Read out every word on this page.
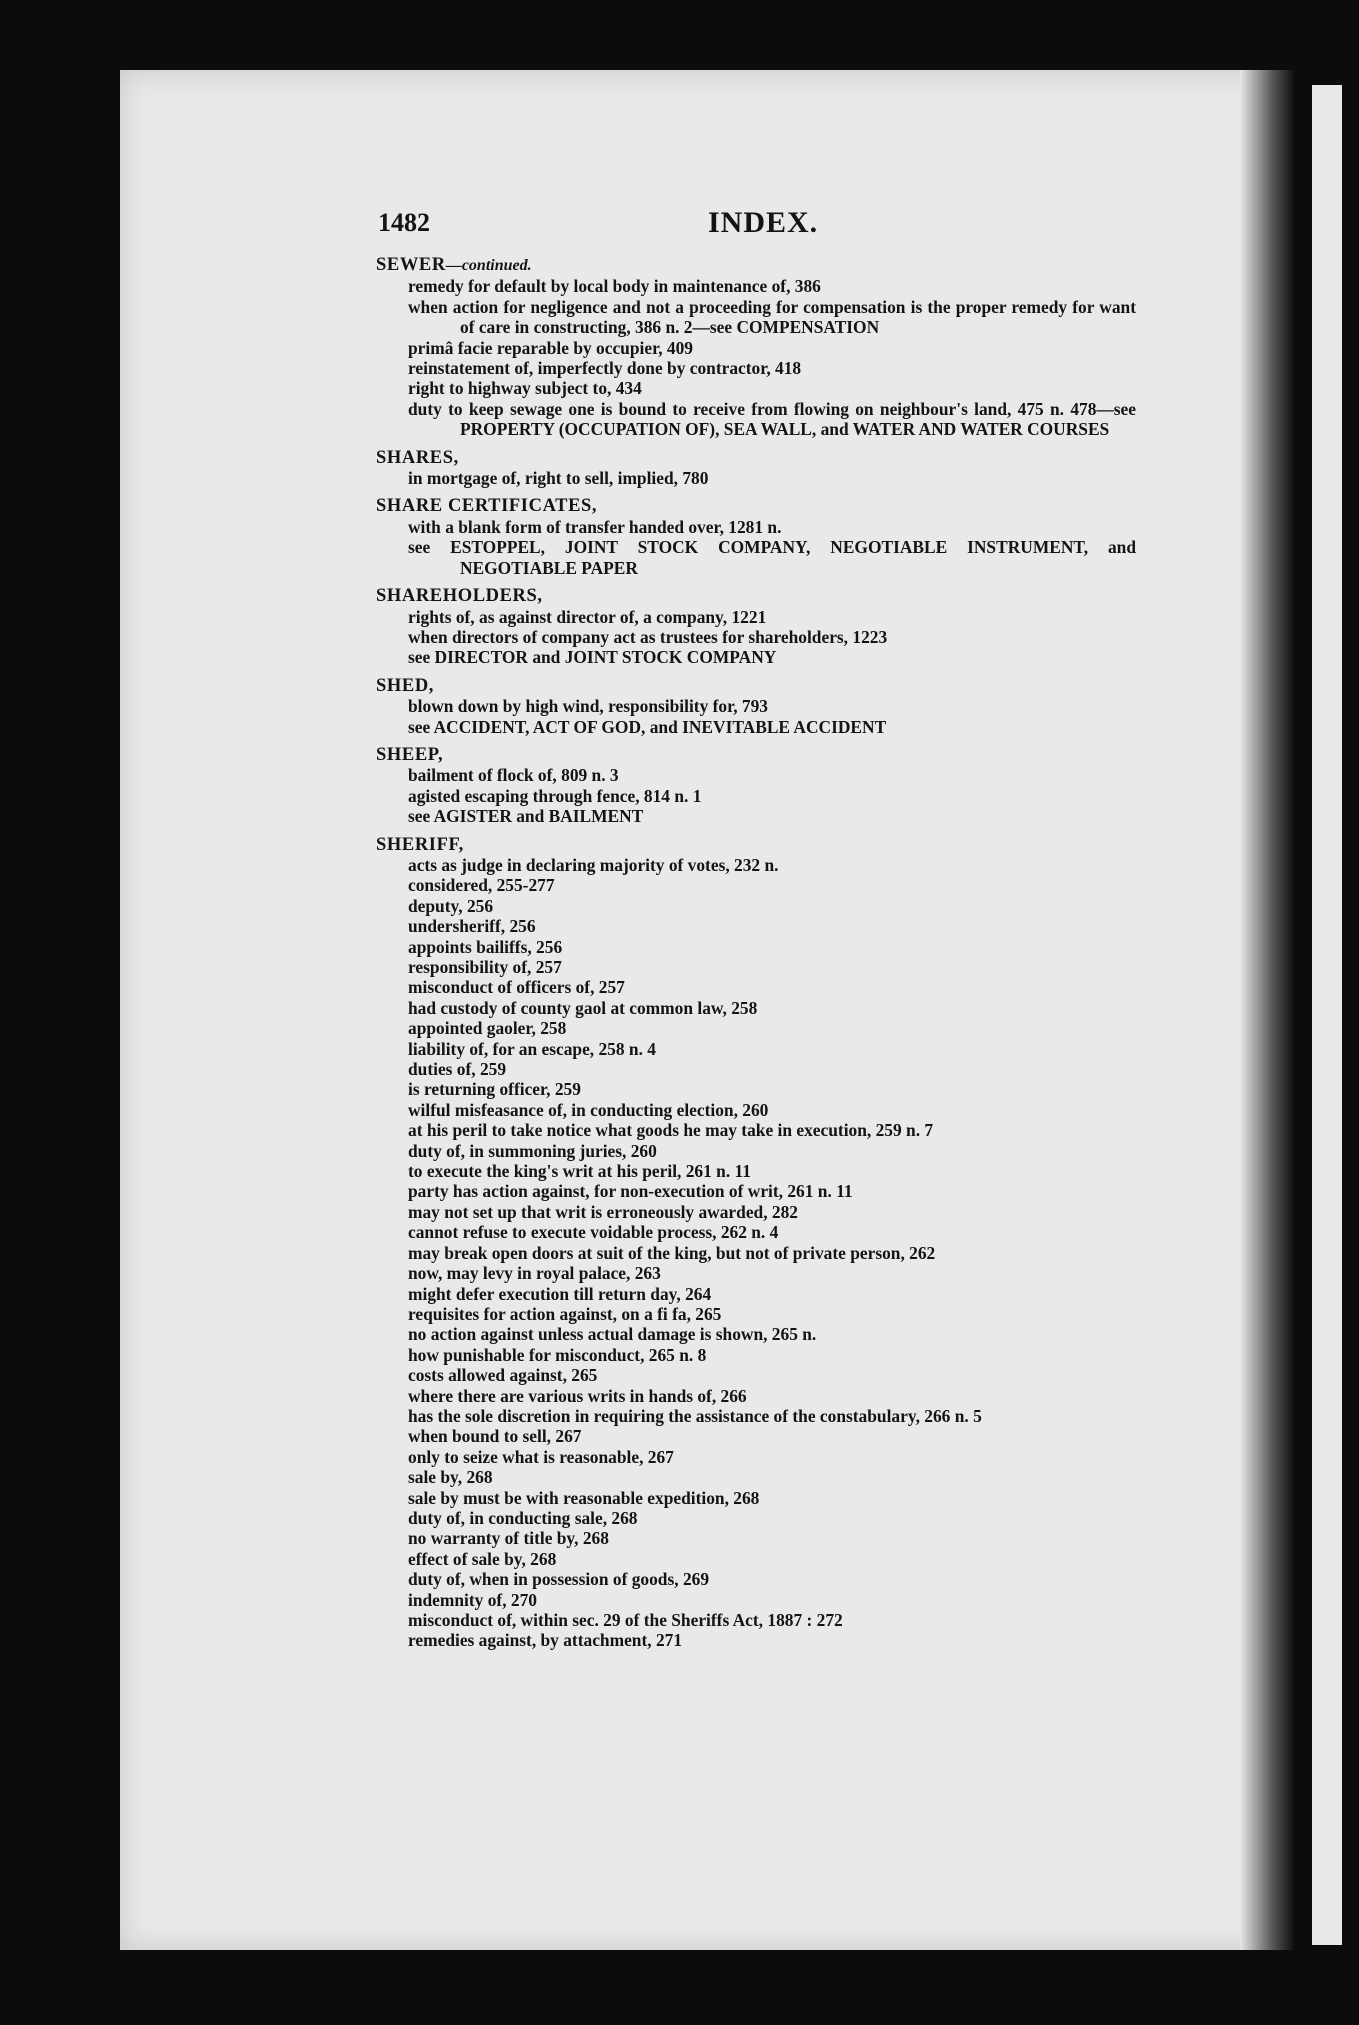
1482	INDEX.
SEWER—continued.
remedy for default by local body in maintenance of, 386
when action for negligence and not a proceeding for compensation is the proper remedy for want of care in constructing, 386 n. 2—see COMPENSATION
primâ facie reparable by occupier, 409
reinstatement of, imperfectly done by contractor, 418
right to highway subject to, 434
duty to keep sewage one is bound to receive from flowing on neighbour's land, 475 n. 478—see PROPERTY (OCCUPATION OF), SEA WALL, and WATER AND WATER COURSES
SHARES,
in mortgage of, right to sell, implied, 780
SHARE CERTIFICATES,
with a blank form of transfer handed over, 1281 n.
see ESTOPPEL, JOINT STOCK COMPANY, NEGOTIABLE INSTRUMENT, and NEGOTIABLE PAPER
SHAREHOLDERS,
rights of, as against director of, a company, 1221
when directors of company act as trustees for shareholders, 1223
see DIRECTOR and JOINT STOCK COMPANY
SHED,
blown down by high wind, responsibility for, 793
see ACCIDENT, ACT OF GOD, and INEVITABLE ACCIDENT
SHEEP,
bailment of flock of, 809 n. 3
agisted escaping through fence, 814 n. 1
see AGISTER and BAILMENT
SHERIFF,
acts as judge in declaring majority of votes, 232 n.
considered, 255-277
deputy, 256
undersheriff, 256
appoints bailiffs, 256
responsibility of, 257
misconduct of officers of, 257
had custody of county gaol at common law, 258
appointed gaoler, 258
liability of, for an escape, 258 n. 4
duties of, 259
is returning officer, 259
wilful misfeasance of, in conducting election, 260
at his peril to take notice what goods he may take in execution, 259 n. 7
duty of, in summoning juries, 260
to execute the king's writ at his peril, 261 n. 11
party has action against, for non-execution of writ, 261 n. 11
may not set up that writ is erroneously awarded, 282
cannot refuse to execute voidable process, 262 n. 4
may break open doors at suit of the king, but not of private person, 262
now, may levy in royal palace, 263
might defer execution till return day, 264
requisites for action against, on a fi fa, 265
no action against unless actual damage is shown, 265 n.
how punishable for misconduct, 265 n. 8
costs allowed against, 265
where there are various writs in hands of, 266
has the sole discretion in requiring the assistance of the constabulary, 266 n. 5
when bound to sell, 267
only to seize what is reasonable, 267
sale by, 268
sale by must be with reasonable expedition, 268
duty of, in conducting sale, 268
no warranty of title by, 268
effect of sale by, 268
duty of, when in possession of goods, 269
indemnity of, 270
misconduct of, within sec. 29 of the Sheriffs Act, 1887 : 272
remedies against, by attachment, 271
